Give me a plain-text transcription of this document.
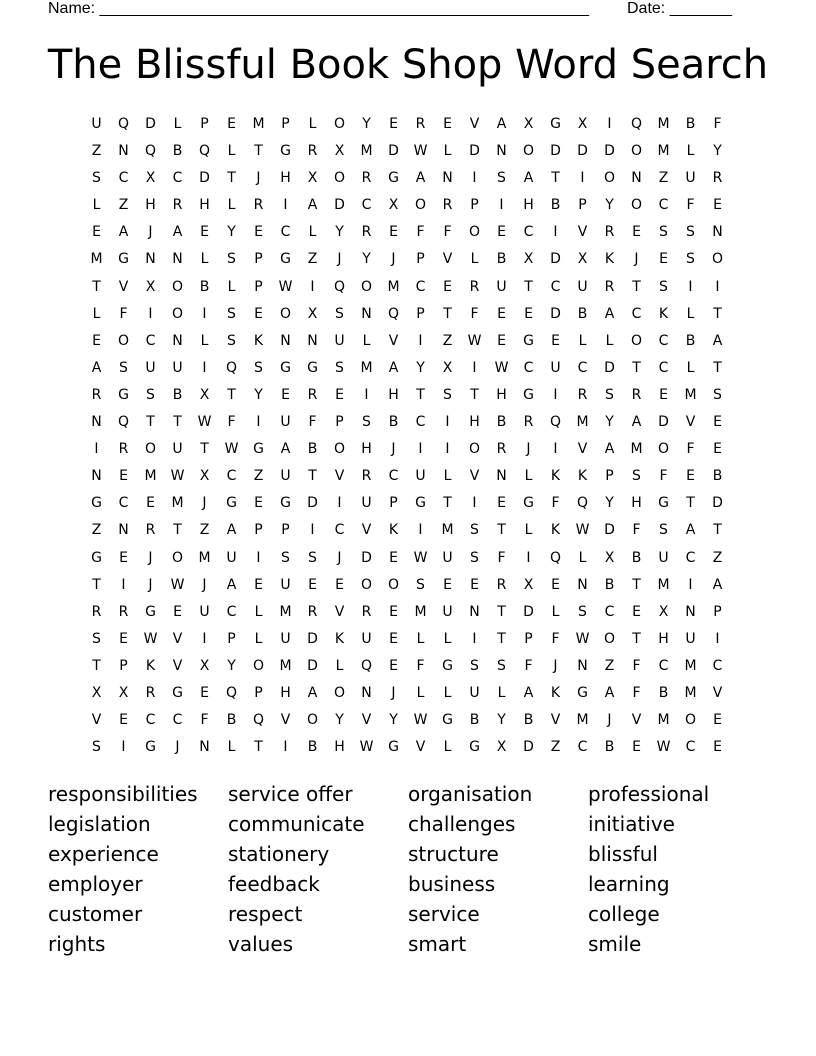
Name: _______________________________________________________ Date: _______
The Blissful Book Shop Word Search
U	Q	D	L	P	E	M	P	L	O	Y	E	R	E	V	A	X	G	X	I	Q	M	B	F
Z	N	Q	B	Q	L	T	G	R	X	M	D	W	L	D	N	O	D	D	D	O	M	L	Y
S	C	X	C	D	T	J	H	X	O	R	G	A	N	I	S	A	T	I	O	N	Z	U	R
L	Z	H	R	H	L	R	I	A	D	C	X	O	R	P	I	H	B	P	Y	O	C	F	E
E	A	J	A	E	Y	E	C	L	Y	R	E	F	F	O	E	C	I	V	R	E	S	S	N
M	G	N	N	L	S	P	G	Z	J	Y	J	P	V	L	B	X	D	X	K	J	E	S	O
T	V	X	O	B	L	P	W	I	Q	O	M	C	E	R	U	T	C	U	R	T	S	I	I
L	F	I	O	I	S	E	O	X	S	N	Q	P	T	F	E	E	D	B	A	C	K	L	T
E	O	C	N	L	S	K	N	N	U	L	V	I	Z	W	E	G	E	L	L	O	C	B	A
A	S	U	U	I	Q	S	G	G	S	M	A	Y	X	I	W	C	U	C	D	T	C	L	T
R	G	S	B	X	T	Y	E	R	E	I	H	T	S	T	H	G	I	R	S	R	E	M	S
N	Q	T	T	W	F	I	U	F	P	S	B	C	I	H	B	R	Q	M	Y	A	D	V	E
I	R	O	U	T	W	G	A	B	O	H	J	I	I	O	R	J	I	V	A	M	O	F	E
N	E	M	W	X	C	Z	U	T	V	R	C	U	L	V	N	L	K	K	P	S	F	E	B
G	C	E	M	J	G	E	G	D	I	U	P	G	T	I	E	G	F	Q	Y	H	G	T	D
Z	N	R	T	Z	A	P	P	I	C	V	K	I	M	S	T	L	K	W	D	F	S	A	T
G	E	J	O	M	U	I	S	S	J	D	E	W	U	S	F	I	Q	L	X	B	U	C	Z
T	I	J	W	J	A	E	U	E	E	O	O	S	E	E	R	X	E	N	B	T	M	I	A
R	R	G	E	U	C	L	M	R	V	R	E	M	U	N	T	D	L	S	C	E	X	N	P
S	E	W	V	I	P	L	U	D	K	U	E	L	L	I	T	P	F	W	O	T	H	U	I
T	P	K	V	X	Y	O	M	D	L	Q	E	F	G	S	S	F	J	N	Z	F	C	M	C
X	X	R	G	E	Q	P	H	A	O	N	J	L	L	U	L	A	K	G	A	F	B	M	V
V	E	C	C	F	B	Q	V	O	Y	V	Y	W	G	B	Y	B	V	M	J	V	M	O	E
S	I	G	J	N	L	T	I	B	H	W	G	V	L	G	X	D	Z	C	B	E	W	C	E
responsibilities	service offer	organisation	professional
legislation	communicate	challenges	initiative
experience	stationery	structure	blissful
employer	feedback	business	learning
customer	respect	service	college
rights	values	smart	smile
